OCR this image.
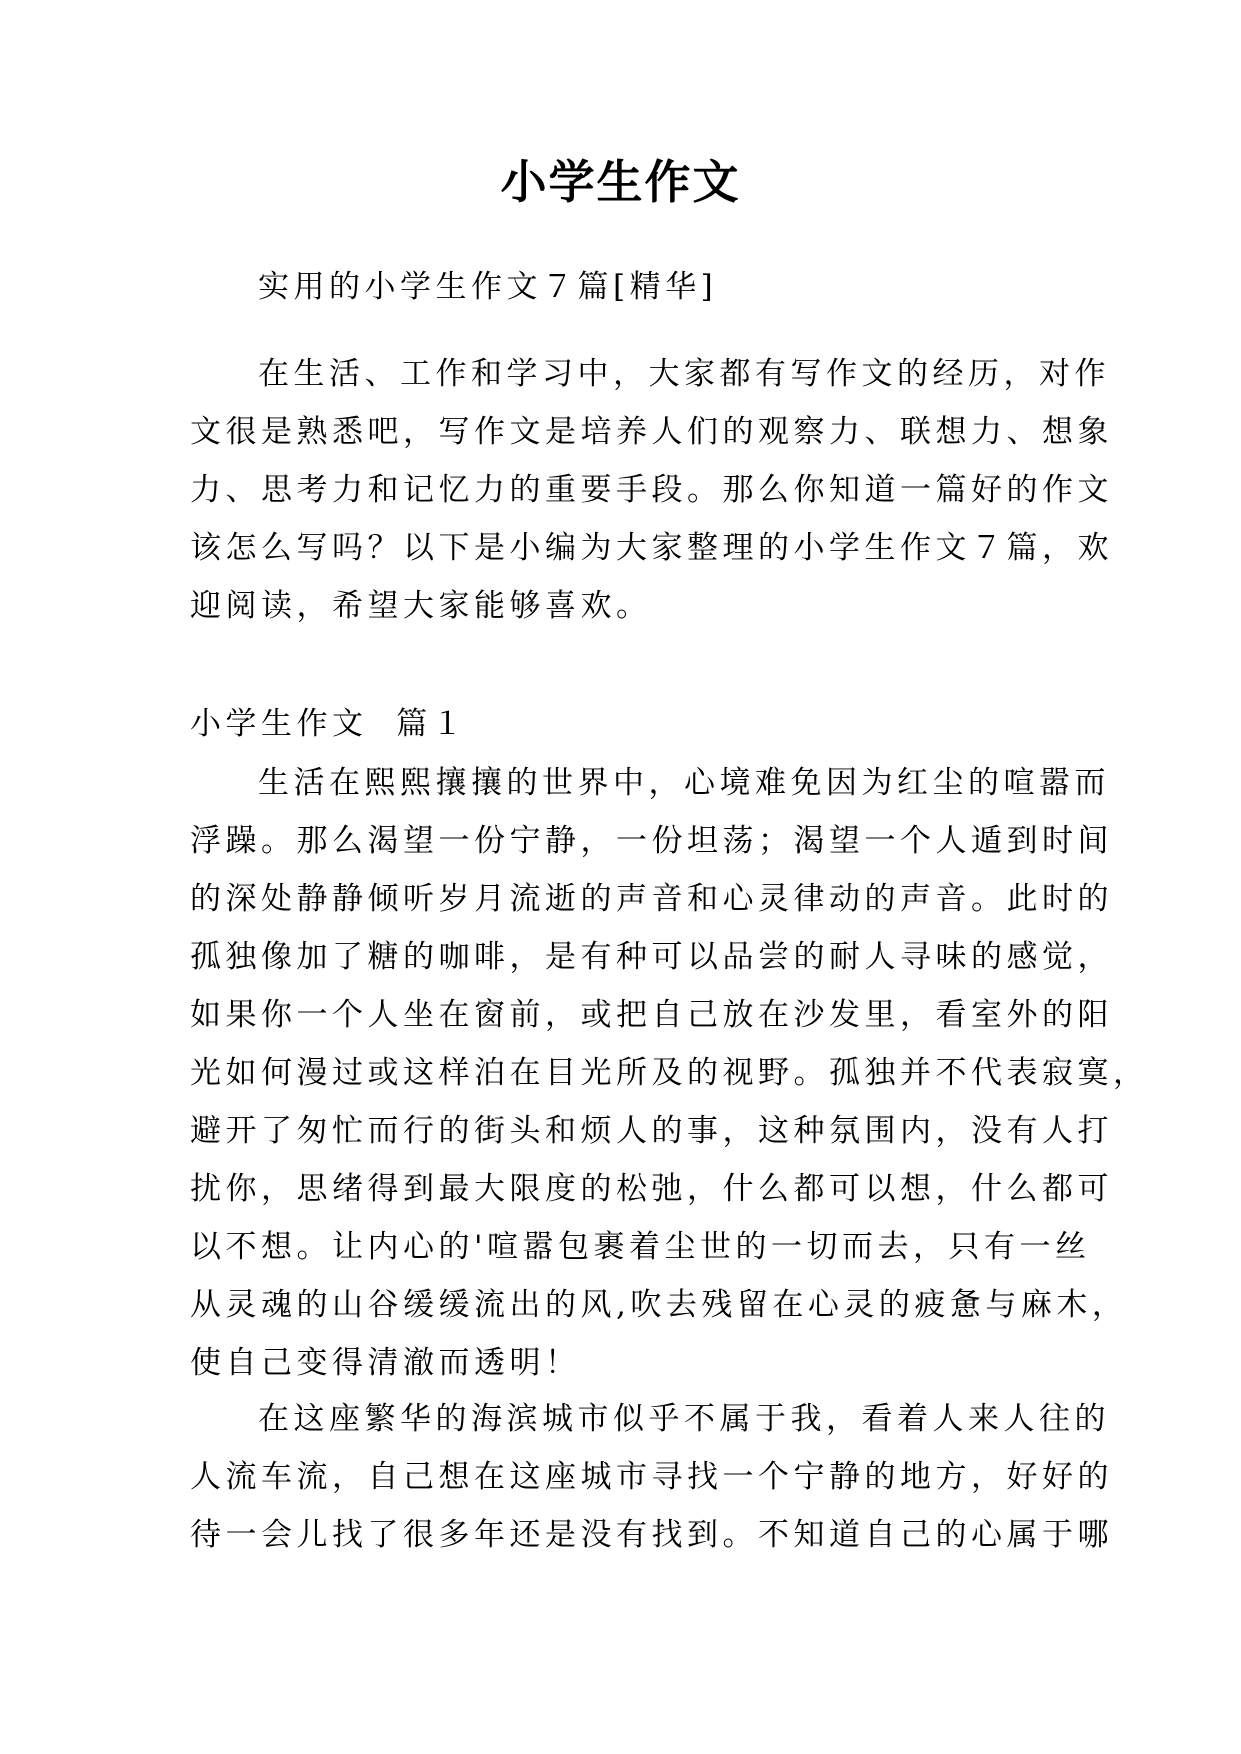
小学生作文

实用的小学生作文７篇[精华]

在生活、工作和学习中，大家都有写作文的经历，对作
文很是熟悉吧，写作文是培养人们的观察力、联想力、想象
力、思考力和记忆力的重要手段。那么你知道一篇好的作文
该怎么写吗？以下是小编为大家整理的小学生作文７篇，欢
迎阅读，希望大家能够喜欢。

小学生作文  篇１

生活在熙熙攘攘的世界中，心境难免因为红尘的喧嚣而
浮躁。那么渴望一份宁静，一份坦荡；渴望一个人遁到时间
的深处静静倾听岁月流逝的声音和心灵律动的声音。此时的
孤独像加了糖的咖啡，是有种可以品尝的耐人寻味的感觉，
如果你一个人坐在窗前，或把自己放在沙发里，看室外的阳
光如何漫过或这样泊在目光所及的视野。孤独并不代表寂寞，
避开了匆忙而行的街头和烦人的事，这种氛围内，没有人打
扰你，思绪得到最大限度的松弛，什么都可以想，什么都可
以不想。让内心的'喧嚣包裹着尘世的一切而去，只有一丝
从灵魂的山谷缓缓流出的风,吹去残留在心灵的疲惫与麻木，
使自己变得清澈而透明！
在这座繁华的海滨城市似乎不属于我，看着人来人往的
人流车流，自己想在这座城市寻找一个宁静的地方，好好的
待一会儿找了很多年还是没有找到。不知道自己的心属于哪
